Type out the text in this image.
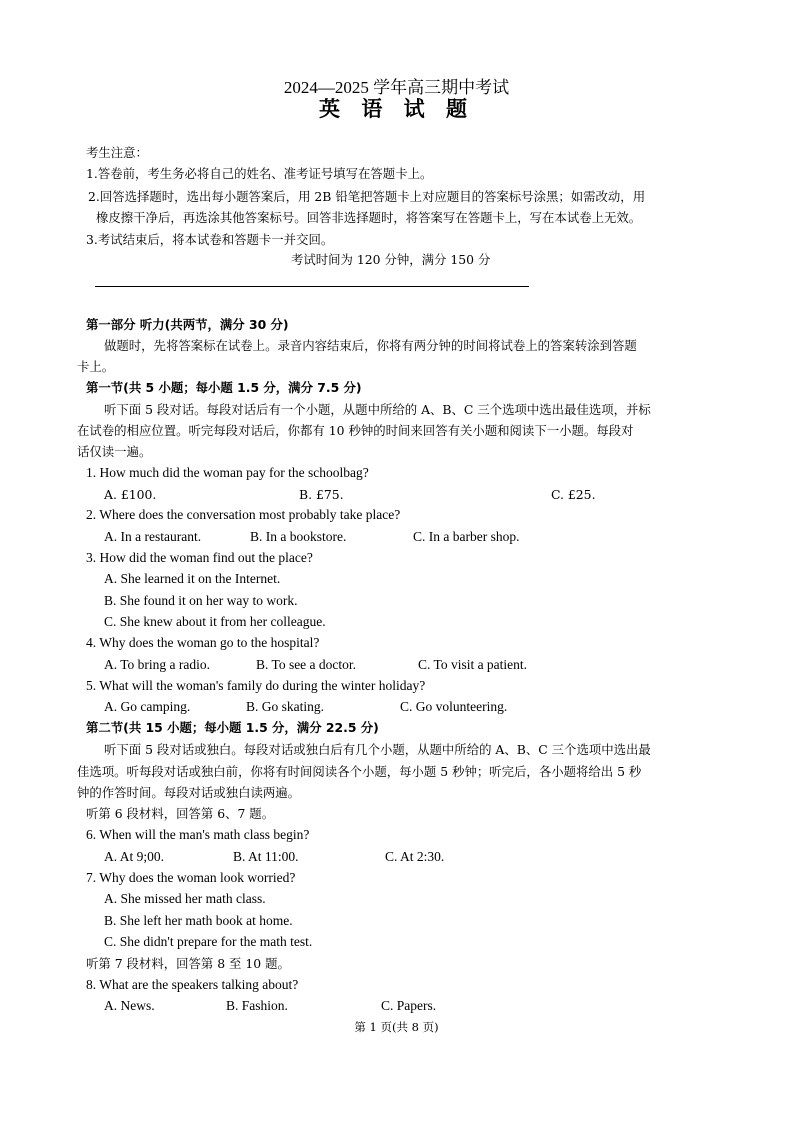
2024—2025 学年高三期中考试
英 语 试 题
考生注意：
1.答卷前，考生务必将自己的姓名、准考证号填写在答题卡上。
2.回答选择题时，选出每小题答案后，用 2B 铅笔把答题卡上对应题目的答案标号涂黑；如需改动，用
橡皮擦干净后，再选涂其他答案标号。回答非选择题时，将答案写在答题卡上，写在本试卷上无效。
3.考试结束后，将本试卷和答题卡一并交回。
考试时间为 120 分钟，满分 150 分
第一部分 听力(共两节，满分 30 分)
做题时，先将答案标在试卷上。录音内容结束后，你将有两分钟的时间将试卷上的答案转涂到答题
卡上。
第一节(共 5 小题；每小题 1.5 分，满分 7.5 分)
听下面 5 段对话。每段对话后有一个小题，从题中所给的 A、B、C 三个选项中选出最佳选项，并标
在试卷的相应位置。听完每段对话后，你都有 10 秒钟的时间来回答有关小题和阅读下一小题。每段对
话仅读一遍。
1. How much did the woman pay for the schoolbag?
A. £100.	B. £75.	C. £25.
2. Where does the conversation most probably take place?
A. In a restaurant.	B. In a bookstore.	C. In a barber shop.
3. How did the woman find out the place?
A. She learned it on the Internet.
B. She found it on her way to work.
C. She knew about it from her colleague.
4. Why does the woman go to the hospital?
A. To bring a radio.	B. To see a doctor.	C. To visit a patient.
5. What will the woman's family do during the winter holiday?
A. Go camping.	B. Go skating.	C. Go volunteering.
第二节(共 15 小题；每小题 1.5 分，满分 22.5 分)
听下面 5 段对话或独白。每段对话或独白后有几个小题，从题中所给的 A、B、C 三个选项中选出最
佳选项。听每段对话或独白前，你将有时间阅读各个小题，每小题 5 秒钟；听完后，各小题将给出 5 秒
钟的作答时间。每段对话或独白读两遍。
听第 6 段材料，回答第 6、7 题。
6. When will the man's math class begin?
A. At 9;00.	B. At 11:00.	C. At 2:30.
7. Why does the woman look worried?
A. She missed her math class.
B. She left her math book at home.
C. She didn't prepare for the math test.
听第 7 段材料，回答第 8 至 10 题。
8. What are the speakers talking about?
A. News.	B. Fashion.	C. Papers.
第 1 页(共 8 页)
